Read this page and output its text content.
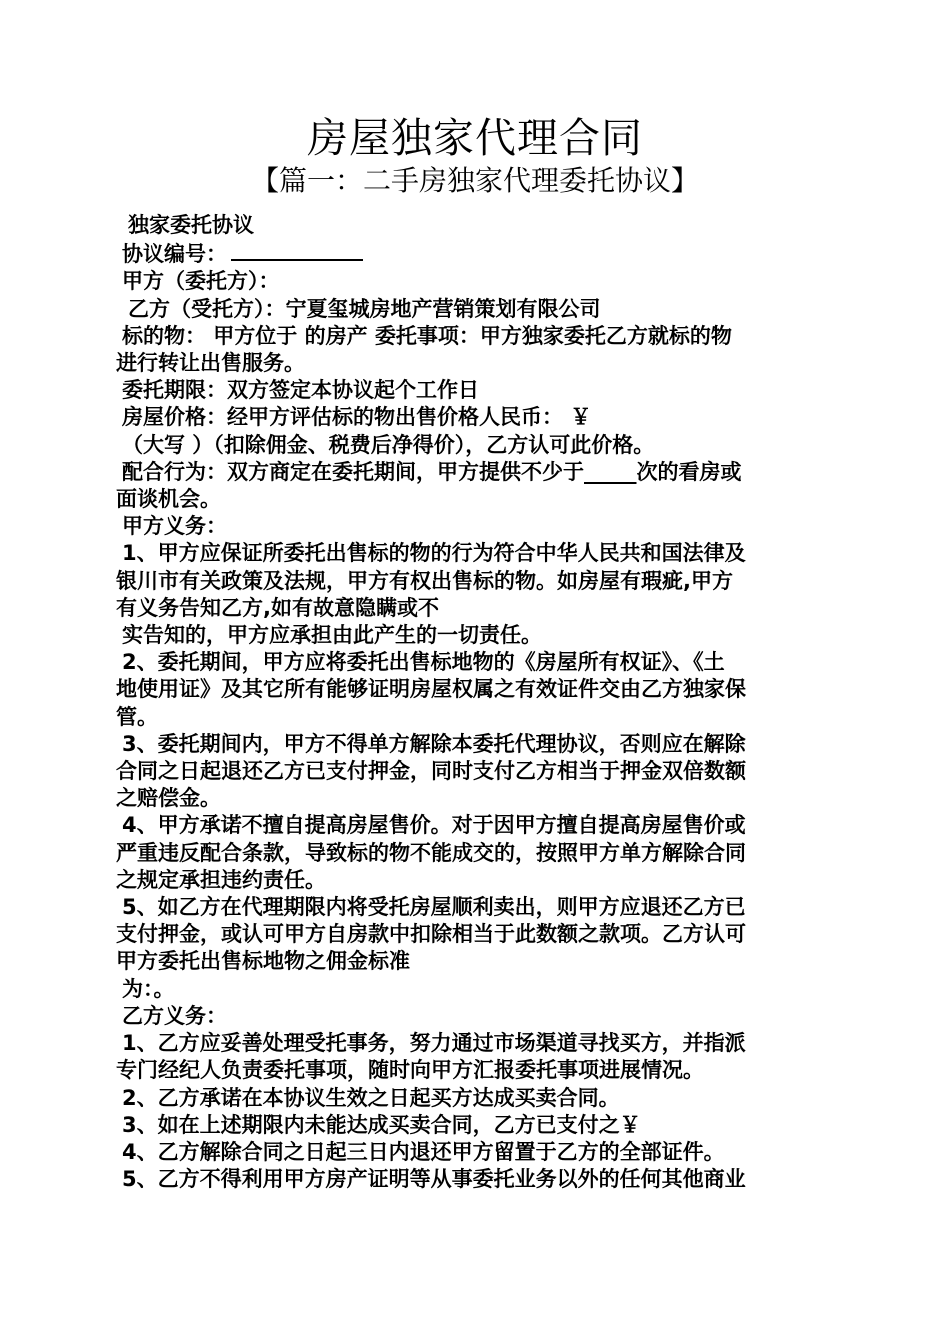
房屋独家代理合同
【篇一：二手房独家代理委托协议】
独家委托协议
协议编号：
甲方（委托方）：
乙方（受托方）：宁夏玺城房地产营销策划有限公司
标的物： 甲方位于 的房产 委托事项：甲方独家委托乙方就标的物
进行转让出售服务。
委托期限：双方签定本协议起个工作日
房屋价格：经甲方评估标的物出售价格人民币： ￥
（大写 ）（扣除佣金、税费后净得价），乙方认可此价格。
配合行为：双方商定在委托期间，甲方提供不少于_____次的看房或
面谈机会。
甲方义务：
1、甲方应保证所委托出售标的物的行为符合中华人民共和国法律及
银川市有关政策及法规，甲方有权出售标的物。如房屋有瑕疵,甲方
有义务告知乙方,如有故意隐瞒或不
实告知的，甲方应承担由此产生的一切责任。
2、委托期间，甲方应将委托出售标地物的《房屋所有权证》、《土
地使用证》及其它所有能够证明房屋权属之有效证件交由乙方独家保
管。
3、委托期间内，甲方不得单方解除本委托代理协议，否则应在解除
合同之日起退还乙方已支付押金，同时支付乙方相当于押金双倍数额
之赔偿金。
4、甲方承诺不擅自提高房屋售价。对于因甲方擅自提高房屋售价或
严重违反配合条款，导致标的物不能成交的，按照甲方单方解除合同
之规定承担违约责任。
5、如乙方在代理期限内将受托房屋顺利卖出，则甲方应退还乙方已
支付押金，或认可甲方自房款中扣除相当于此数额之款项。乙方认可
甲方委托出售标地物之佣金标准
为：。
乙方义务：
1、乙方应妥善处理受托事务，努力通过市场渠道寻找买方，并指派
专门经纪人负责委托事项，随时向甲方汇报委托事项进展情况。
2、乙方承诺在本协议生效之日起买方达成买卖合同。
3、如在上述期限内未能达成买卖合同，乙方已支付之￥
4、乙方解除合同之日起三日内退还甲方留置于乙方的全部证件。
5、乙方不得利用甲方房产证明等从事委托业务以外的任何其他商业
